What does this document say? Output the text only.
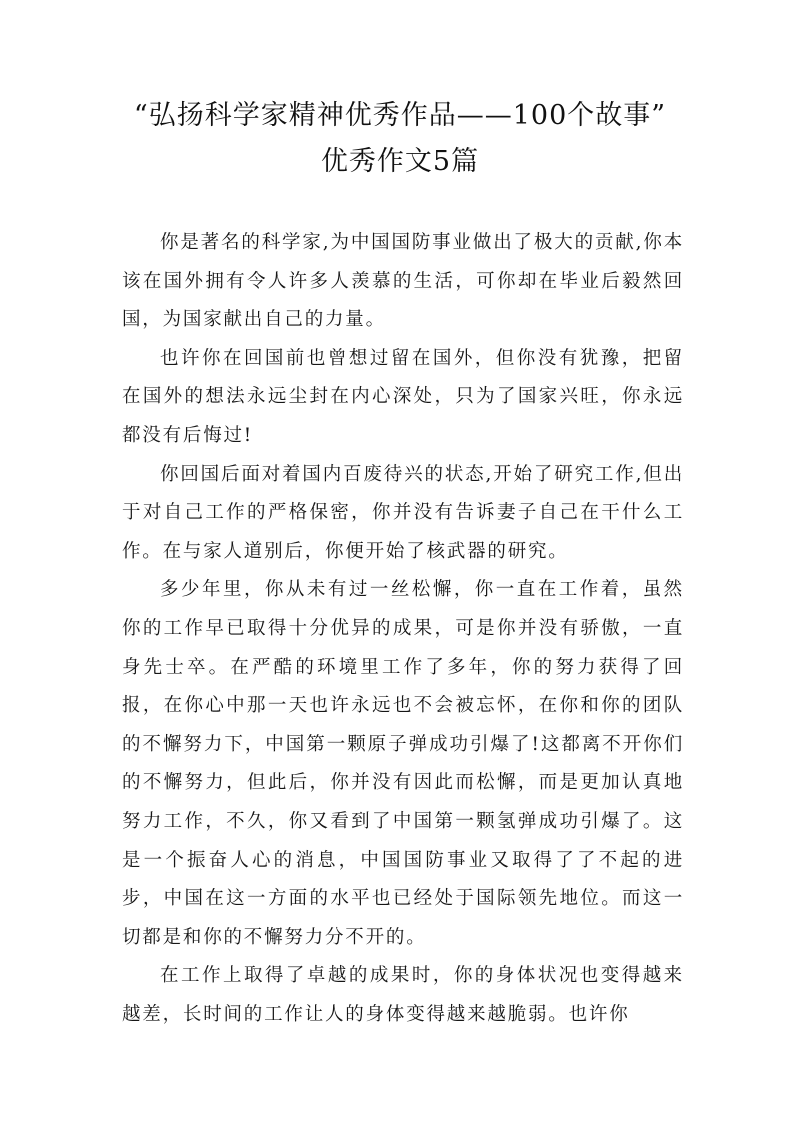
“弘扬科学家精神优秀作品——100个故事”
优秀作文5篇

你是著名的科学家,为中国国防事业做出了极大的贡献,你本该在国外拥有令人许多人羡慕的生活，可你却在毕业后毅然回国，为国家献出自己的力量。

也许你在回国前也曾想过留在国外，但你没有犹豫，把留在国外的想法永远尘封在内心深处，只为了国家兴旺，你永远都没有后悔过!

你回国后面对着国内百废待兴的状态,开始了研究工作,但出于对自己工作的严格保密，你并没有告诉妻子自己在干什么工作。在与家人道别后，你便开始了核武器的研究。

多少年里，你从未有过一丝松懈，你一直在工作着，虽然你的工作早已取得十分优异的成果，可是你并没有骄傲，一直身先士卒。在严酷的环境里工作了多年，你的努力获得了回报，在你心中那一天也许永远也不会被忘怀，在你和你的团队的不懈努力下，中国第一颗原子弹成功引爆了!这都离不开你们的不懈努力，但此后，你并没有因此而松懈，而是更加认真地努力工作，不久，你又看到了中国第一颗氢弹成功引爆了。这是一个振奋人心的消息，中国国防事业又取得了了不起的进步，中国在这一方面的水平也已经处于国际领先地位。而这一切都是和你的不懈努力分不开的。

在工作上取得了卓越的成果时，你的身体状况也变得越来越差，长时间的工作让人的身体变得越来越脆弱。也许你
